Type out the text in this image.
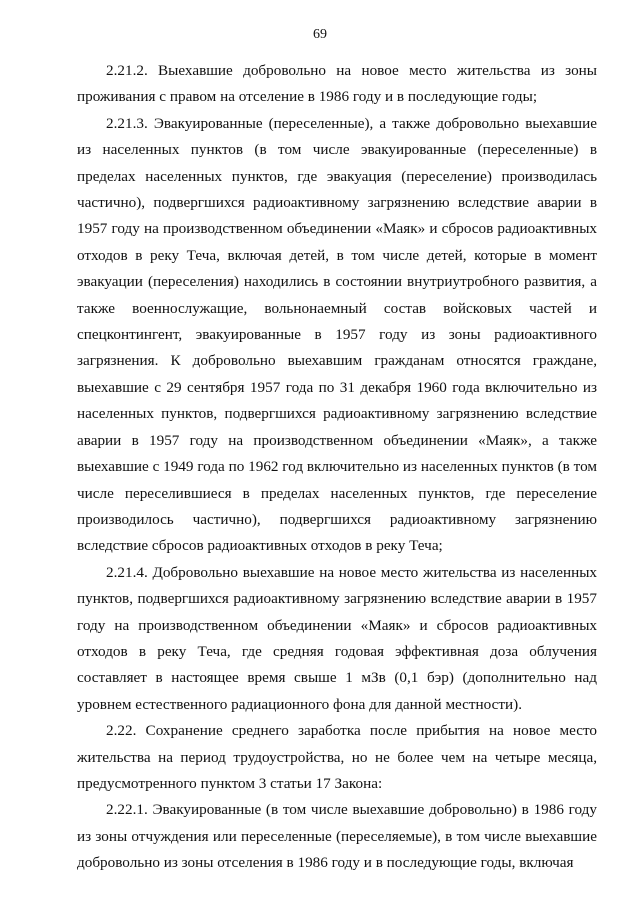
69

2.21.2. Выехавшие добровольно на новое место жительства из зоны проживания с правом на отселение в 1986 году и в последующие годы;

2.21.3. Эвакуированные (переселенные), а также добровольно выехавшие из населенных пунктов (в том числе эвакуированные (переселенные) в пределах населенных пунктов, где эвакуация (переселение) производилась частично), подвергшихся радиоактивному загрязнению вследствие аварии в 1957 году на производственном объединении «Маяк» и сбросов радиоактивных отходов в реку Теча, включая детей, в том числе детей, которые в момент эвакуации (переселения) находились в состоянии внутриутробного развития, а также военнослужащие, вольнонаемный состав войсковых частей и спецконтингент, эвакуированные в 1957 году из зоны радиоактивного загрязнения. К добровольно выехавшим гражданам относятся граждане, выехавшие с 29 сентября 1957 года по 31 декабря 1960 года включительно из населенных пунктов, подвергшихся радиоактивному загрязнению вследствие аварии в 1957 году на производственном объединении «Маяк», а также выехавшие с 1949 года по 1962 год включительно из населенных пунктов (в том числе переселившиеся в пределах населенных пунктов, где переселение производилось частично), подвергшихся радиоактивному загрязнению вследствие сбросов радиоактивных отходов в реку Теча;

2.21.4. Добровольно выехавшие на новое место жительства из населенных пунктов, подвергшихся радиоактивному загрязнению вследствие аварии в 1957 году на производственном объединении «Маяк» и сбросов радиоактивных отходов в реку Теча, где средняя годовая эффективная доза облучения составляет в настоящее время свыше 1 мЗв (0,1 бэр) (дополнительно над уровнем естественного радиационного фона для данной местности).

2.22. Сохранение среднего заработка после прибытия на новое место жительства на период трудоустройства, но не более чем на четыре месяца, предусмотренного пунктом 3 статьи 17 Закона:

2.22.1. Эвакуированные (в том числе выехавшие добровольно) в 1986 году из зоны отчуждения или переселенные (переселяемые), в том числе выехавшие добровольно из зоны отселения в 1986 году и в последующие годы, включая
